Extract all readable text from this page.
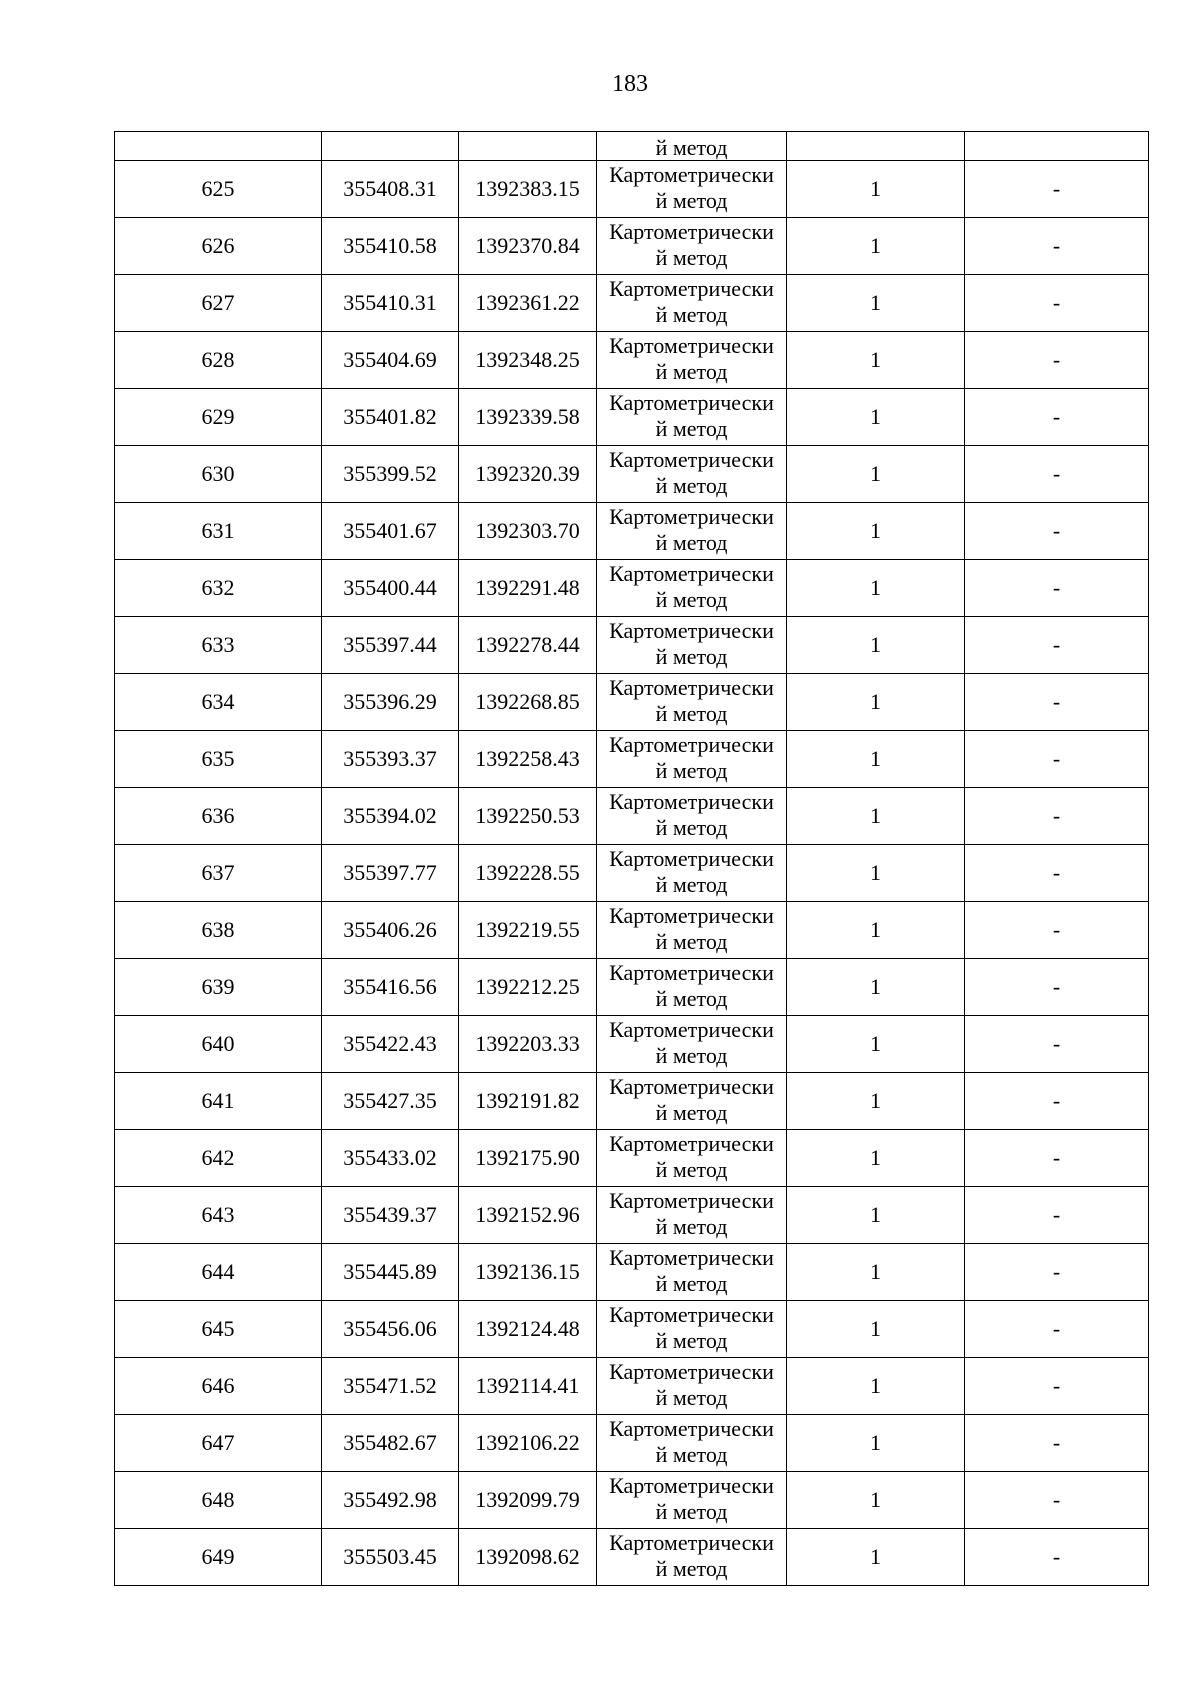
183
			й метод		
625	355408.31	1392383.15	Картометрически
й метод	1	-
626	355410.58	1392370.84	Картометрически
й метод	1	-
627	355410.31	1392361.22	Картометрически
й метод	1	-
628	355404.69	1392348.25	Картометрически
й метод	1	-
629	355401.82	1392339.58	Картометрически
й метод	1	-
630	355399.52	1392320.39	Картометрически
й метод	1	-
631	355401.67	1392303.70	Картометрически
й метод	1	-
632	355400.44	1392291.48	Картометрически
й метод	1	-
633	355397.44	1392278.44	Картометрически
й метод	1	-
634	355396.29	1392268.85	Картометрически
й метод	1	-
635	355393.37	1392258.43	Картометрически
й метод	1	-
636	355394.02	1392250.53	Картометрически
й метод	1	-
637	355397.77	1392228.55	Картометрически
й метод	1	-
638	355406.26	1392219.55	Картометрически
й метод	1	-
639	355416.56	1392212.25	Картометрически
й метод	1	-
640	355422.43	1392203.33	Картометрически
й метод	1	-
641	355427.35	1392191.82	Картометрически
й метод	1	-
642	355433.02	1392175.90	Картометрически
й метод	1	-
643	355439.37	1392152.96	Картометрически
й метод	1	-
644	355445.89	1392136.15	Картометрически
й метод	1	-
645	355456.06	1392124.48	Картометрически
й метод	1	-
646	355471.52	1392114.41	Картометрически
й метод	1	-
647	355482.67	1392106.22	Картометрически
й метод	1	-
648	355492.98	1392099.79	Картометрически
й метод	1	-
649	355503.45	1392098.62	Картометрически
й метод	1	-
